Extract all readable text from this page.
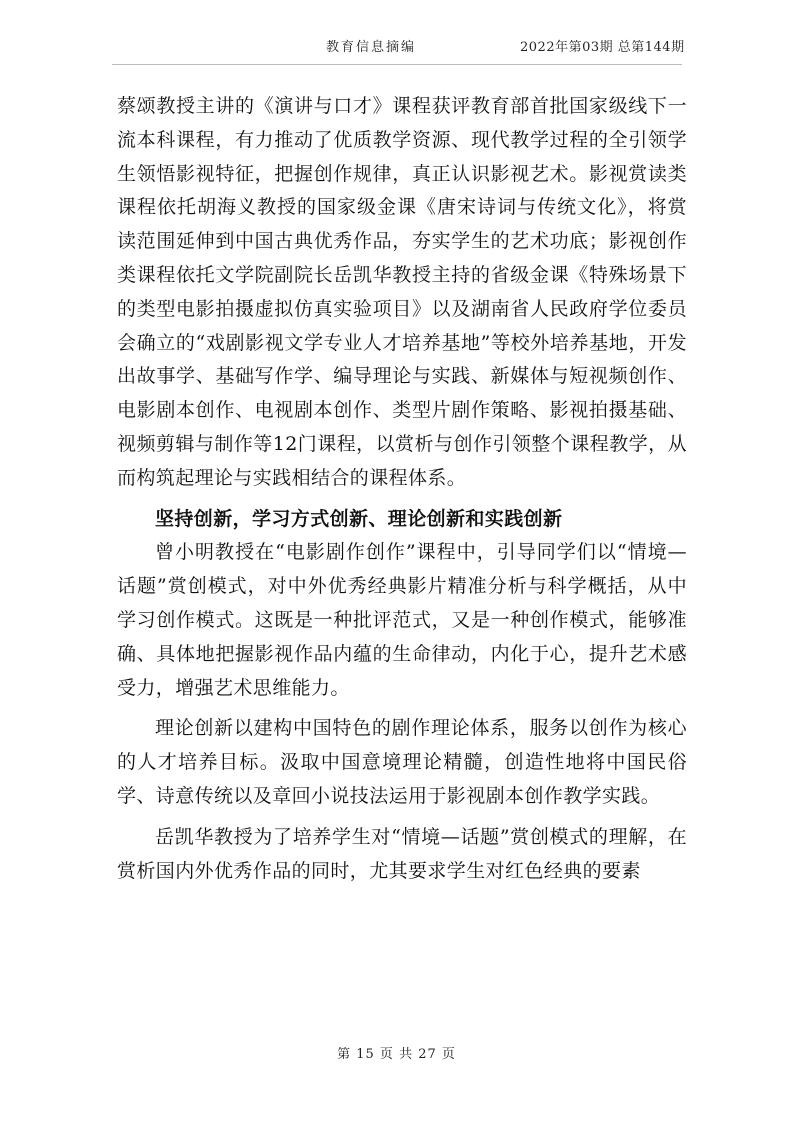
教育信息摘编	2022年第03期 总第144期

蔡颂教授主讲的《演讲与口才》课程获评教育部首批国家级线下一流本科课程，有力推动了优质教学资源、现代教学过程的全引领学生领悟影视特征，把握创作规律，真正认识影视艺术。影视赏读类课程依托胡海义教授的国家级金课《唐宋诗词与传统文化》，将赏读范围延伸到中国古典优秀作品，夯实学生的艺术功底；影视创作类课程依托文学院副院长岳凯华教授主持的省级金课《特殊场景下的类型电影拍摄虚拟仿真实验项目》以及湖南省人民政府学位委员会确立的“戏剧影视文学专业人才培养基地”等校外培养基地，开发出故事学、基础写作学、编导理论与实践、新媒体与短视频创作、电影剧本创作、电视剧本创作、类型片剧作策略、影视拍摄基础、视频剪辑与制作等12门课程，以赏析与创作引领整个课程教学，从而构筑起理论与实践相结合的课程体系。

坚持创新，学习方式创新、理论创新和实践创新

曾小明教授在“电影剧作创作”课程中，引导同学们以“情境—话题”赏创模式，对中外优秀经典影片精准分析与科学概括，从中学习创作模式。这既是一种批评范式，又是一种创作模式，能够准确、具体地把握影视作品内蕴的生命律动，内化于心，提升艺术感受力，增强艺术思维能力。

理论创新以建构中国特色的剧作理论体系，服务以创作为核心的人才培养目标。汲取中国意境理论精髓，创造性地将中国民俗学、诗意传统以及章回小说技法运用于影视剧本创作教学实践。

岳凯华教授为了培养学生对“情境—话题”赏创模式的理解，在赏析国内外优秀作品的同时，尤其要求学生对红色经典的要素

第 15 页 共 27 页
